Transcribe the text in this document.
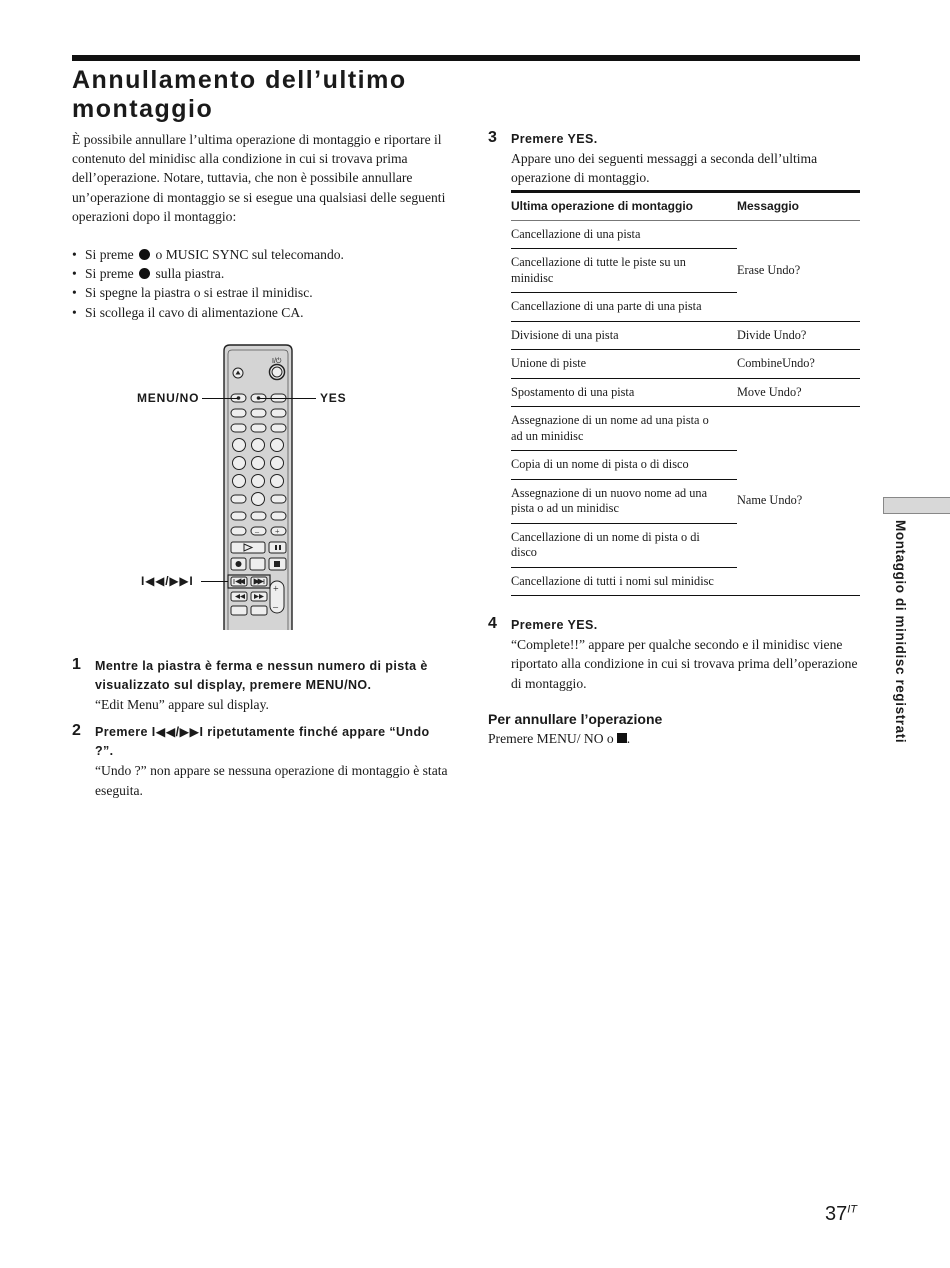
Annullamento dell’ultimo montaggio

È possibile annullare l’ultima operazione di montaggio e riportare il contenuto del minidisc alla condizione in cui si trovava prima dell’operazione. Notare, tuttavia, che non è possibile annullare un’operazione di montaggio se si esegue una qualsiasi delle seguenti operazioni dopo il montaggio:

• Si preme o MUSIC SYNC sul telecomando.
• Si preme sulla piastra.
• Si spegne la piastra o si estrae il minidisc.
• Si scollega il cavo di alimentazione CA.
I/⏻
– +
+
–
MENU/NO	YES
I◀◀/▶▶I
1 Mentre la piastra è ferma e nessun numero di pista è visualizzato sul display, premere MENU/NO.
“Edit Menu” appare sul display.
2 Premere I◀◀/▶▶I ripetutamente finché appare “Undo ?”.
“Undo ?” non appare se nessuna operazione di montaggio è stata eseguita.
3 Premere YES.
Appare uno dei seguenti messaggi a seconda dell’ultima operazione di montaggio.
Ultima operazione di montaggio	Messaggio
Cancellazione di una pista	Erase Undo?
Cancellazione di tutte le piste su un minidisc	
Cancellazione di una parte di una pista	
Divisione di una pista	Divide Undo?
Unione di piste	CombineUndo?
Spostamento di una pista	Move Undo?
Assegnazione di un nome ad una pista o ad un minidisc	Name Undo?
Copia di un nome di pista o di disco	
Assegnazione di un nuovo nome ad una pista o ad un minidisc	
Cancellazione di un nome di pista o di disco	
Cancellazione di tutti i nomi sul minidisc	
4 Premere YES.
“Complete!!” appare per qualche secondo e il minidisc viene riportato alla condizione in cui si trovava prima dell’operazione di montaggio.
Per annullare l’operazione
Premere MENU/ NO o .	Montaggio di minidisc registrati
$37^{IT}$
